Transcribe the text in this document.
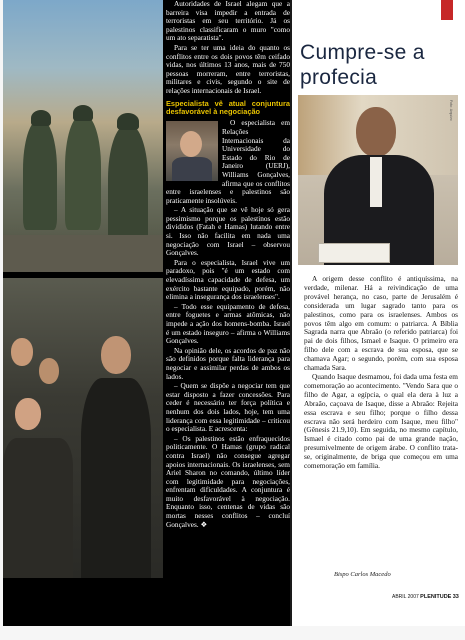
Autoridades de Israel alegam que a barreira visa impedir a entrada de terroristas em seu território. Já os palestinos classificaram o muro "como um ato separatista".

Para se ter uma ideia do quanto os conflitos entre os dois povos têm ceifado vidas, nos últimos 13 anos, mais de 750 pessoas morreram, entre terroristas, militares e civis, segundo o site de relações internacionais de Israel.

Especialista vê atual conjuntura desfavorável à negociação

O especialista em Relações Internacionais da Universidade do Estado do Rio de Janeiro (UERJ), Williams Gonçalves, afirma que os conflitos entre israelenses e palestinos são praticamente insolúveis.

– A situação que se vê hoje só gera pessimismo porque os palestinos estão divididos (Fatah e Hamas) lutando entre si. Isso não facilita em nada uma negociação com Israel – observou Gonçalves.

Para o especialista, Israel vive um paradoxo, pois "é um estado com elevadíssima capacidade de defesa, um exército bastante equipado, porém, não elimina a insegurança dos israelenses".

– Todo esse equipamento de defesa, entre foguetes e armas atômicas, não impede a ação dos homens-bomba. Israel é um estado inseguro – afirma o Williams Gonçalves.

Na opinião dele, os acordos de paz não são definidos porque falta liderança para negociar e assimilar perdas de ambos os lados.

– Quem se dispõe a negociar tem que estar disposto a fazer concessões. Para ceder é necessário ter força política e nenhum dos dois lados, hoje, tem uma liderança com essa legitimidade – criticou o especialista. E acrescenta:

– Os palestinos estão enfraquecidos politicamente. O Hamas (grupo radical contra Israel) não consegue agregar apoios internacionais. Os israelenses, sem Ariel Sharon no comando, último líder com legitimidade para negociações, enfrentam dificuldades. A conjuntura é muito desfavorável à negociação. Enquanto isso, centenas de vidas são mortas nesses conflitos – concluí Gonçalves. ❖

Cumpre-se a profecia
Foto: Arquivo

A origem desse conflito é antiquíssima, na verdade, milenar. Há a reivindicação de uma provável herança, no caso, parte de Jerusalém é considerada um lugar sagrado tanto para os palestinos, como para os israelenses. Ambos os povos têm algo em comum: o patriarca. A Bíblia Sagrada narra que Abraão (o referido patriarca) foi pai de dois filhos, Ismael e Isaque. O primeiro era filho dele com a escrava de sua esposa, que se chamava Agar; o segundo, porém, com sua esposa chamada Sara.

Quando Isaque desmamou, foi dada uma festa em comemoração ao acontecimento. "Vendo Sara que o filho de Agar, a egípcia, o qual ela dera à luz a Abraão, caçoava de Isaque, disse a Abraão: Rejeita essa escrava e seu filho; porque o filho dessa escrava não será herdeiro com Isaque, meu filho" (Gênesis 21.9,10). Em seguida, no mesmo capítulo, Ismael é citado como pai de uma grande nação, presumivelmente de origem árabe. O conflito trata-se, originalmente, de briga que começou em uma comemoração em família.

Bispo Carlos Macedo
ABRIL 2007 PLENITUDE 33
